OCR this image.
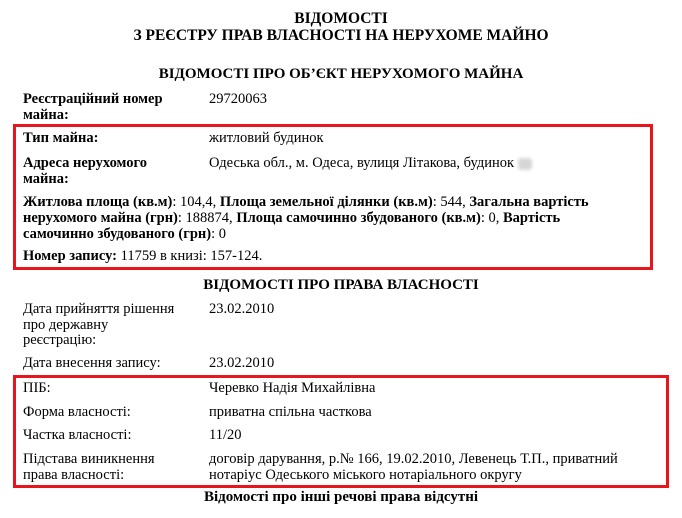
ВІДОМОСТІ
З РЕЄСТРУ ПРАВ ВЛАСНОСТІ НА НЕРУХОМЕ МАЙНО
ВІДОМОСТІ ПРО ОБ’ЄКТ НЕРУХОМОГО МАЙНА
Реєстраційний номер
майна:
29720063
Тип майна:	житловий будинок
Адреса нерухомого
майна:
Одеська обл., м. Одеса, вулиця Літакова, будинок
Житлова площа (кв.м): 104,4, Площа земельної ділянки (кв.м): 544, Загальна вартість
нерухомого майна (грн): 188874, Площа самочинно збудованого (кв.м): 0, Вартість
самочинно збудованого (грн): 0
Номер запису: 11759 в книзі: 157-124.
ВІДОМОСТІ ПРО ПРАВА ВЛАСНОСТІ
Дата прийняття рішення
про державну
реєстрацію:
23.02.2010
Дата внесення запису:	23.02.2010
ПІБ:	Черевко Надія Михайлівна
Форма власності:	приватна спільна часткова
Частка власності:	11/20
Підстава виникнення
права власності:
договір дарування, р.№ 166, 19.02.2010, Левенець Т.П., приватний
нотаріус Одеського міського нотаріального округу
Відомості про інші речові права відсутні
